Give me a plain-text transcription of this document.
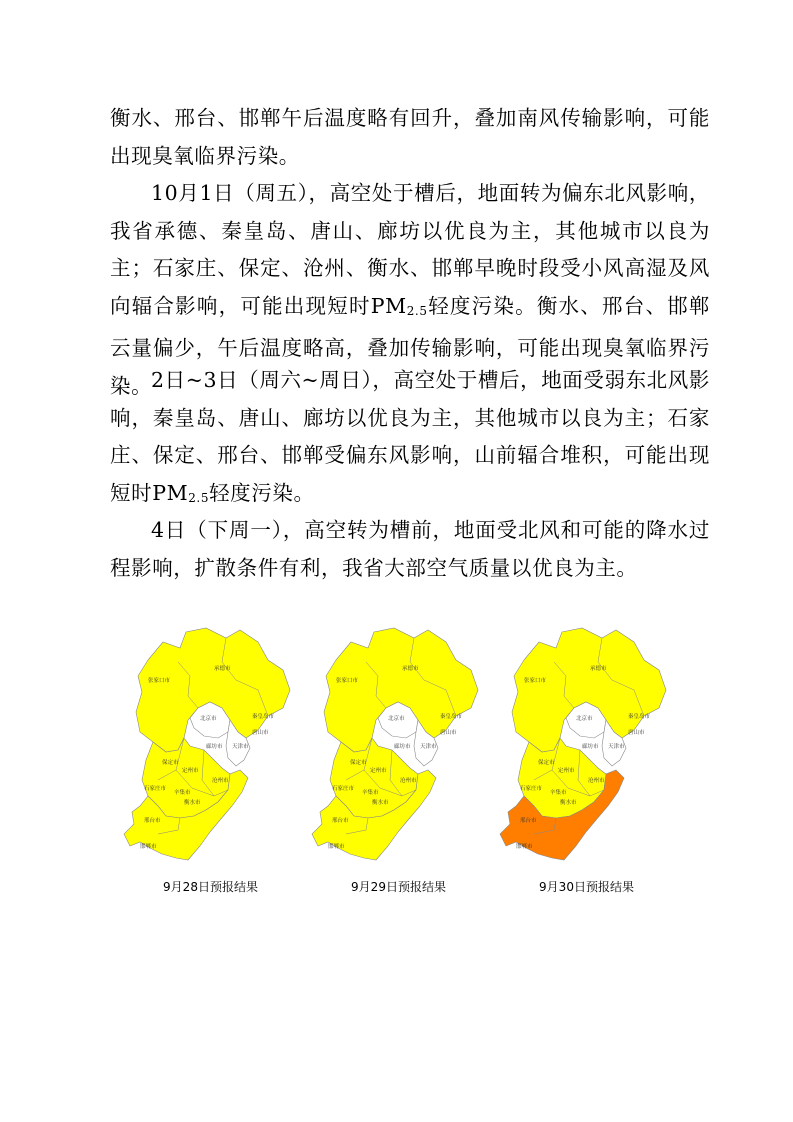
衡水、邢台、邯郸午后温度略有回升，叠加南风传输影响，可能出现臭氧临界污染。

10月1日（周五），高空处于槽后，地面转为偏东北风影响，我省承德、秦皇岛、唐山、廊坊以优良为主，其他城市以良为主；石家庄、保定、沧州、衡水、邯郸早晚时段受小风高湿及风向辐合影响，可能出现短时$PM_{2.5}$轻度污染。衡水、邢台、邯郸云量偏少，午后温度略高，叠加传输影响，可能出现臭氧临界污染。

2日~3日（周六~周日），高空处于槽后，地面受弱东北风影响，秦皇岛、唐山、廊坊以优良为主，其他城市以良为主；石家庄、保定、邢台、邯郸受偏东风影响，山前辐合堆积，可能出现短时$PM_{2.5}$轻度污染。

4日（下周一），高空转为槽前，地面受北风和可能的降水过程影响，扩散条件有利，我省大部空气质量以优良为主。

张家口市
承德市
北京市	秦皇岛市
唐山市
天津市
廊坊市
保定市
定州市
石家庄市
沧州市
辛集市
衡水市
邢台市
邯郸市
张家口市
承德市
北京市	秦皇岛市
唐山市
天津市
廊坊市
保定市
定州市
石家庄市
沧州市
辛集市
衡水市
邢台市
邯郸市
张家口市
承德市
北京市	秦皇岛市
唐山市
天津市
廊坊市
保定市
定州市
石家庄市
沧州市
辛集市
衡水市
邢台市
邯郸市
9月28日预报结果	9月29日预报结果	9月30日预报结果
